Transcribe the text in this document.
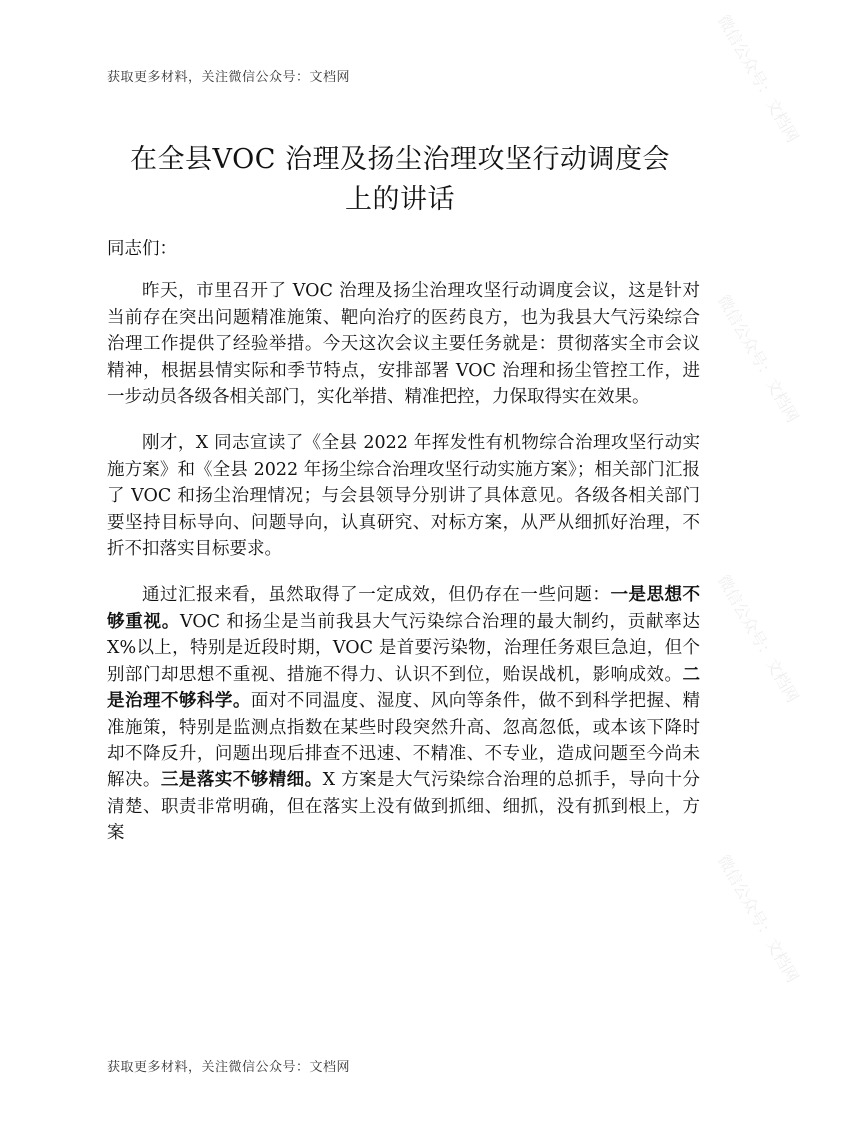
微信公众号：文档网
微信公众号：文档网
微信公众号：文档网
微信公众号：文档网
获取更多材料，关注微信公众号：文档网
在全县VOC 治理及扬尘治理攻坚行动调度会
上的讲话

同志们：

昨天，市里召开了 VOC 治理及扬尘治理攻坚行动调度会议，这是针对当前存在突出问题精准施策、靶向治疗的医药良方，也为我县大气污染综合治理工作提供了经验举措。今天这次会议主要任务就是：贯彻落实全市会议精神，根据县情实际和季节特点，安排部署 VOC 治理和扬尘管控工作，进一步动员各级各相关部门，实化举措、精准把控，力保取得实在效果。

刚才，X 同志宣读了《全县 2022 年挥发性有机物综合治理攻坚行动实施方案》和《全县 2022 年扬尘综合治理攻坚行动实施方案》；相关部门汇报了 VOC 和扬尘治理情况；与会县领导分别讲了具体意见。各级各相关部门要坚持目标导向、问题导向，认真研究、对标方案，从严从细抓好治理，不折不扣落实目标要求。

通过汇报来看，虽然取得了一定成效，但仍存在一些问题：一是思想不够重视。VOC 和扬尘是当前我县大气污染综合治理的最大制约，贡献率达 X%以上，特别是近段时期，VOC 是首要污染物，治理任务艰巨急迫，但个别部门却思想不重视、措施不得力、认识不到位，贻误战机，影响成效。二是治理不够科学。面对不同温度、湿度、风向等条件，做不到科学把握、精准施策，特别是监测点指数在某些时段突然升高、忽高忽低，或本该下降时却不降反升，问题出现后排查不迅速、不精准、不专业，造成问题至今尚未解决。三是落实不够精细。X 方案是大气污染综合治理的总抓手，导向十分清楚、职责非常明确，但在落实上没有做到抓细、细抓，没有抓到根上，方案

获取更多材料，关注微信公众号：文档网
